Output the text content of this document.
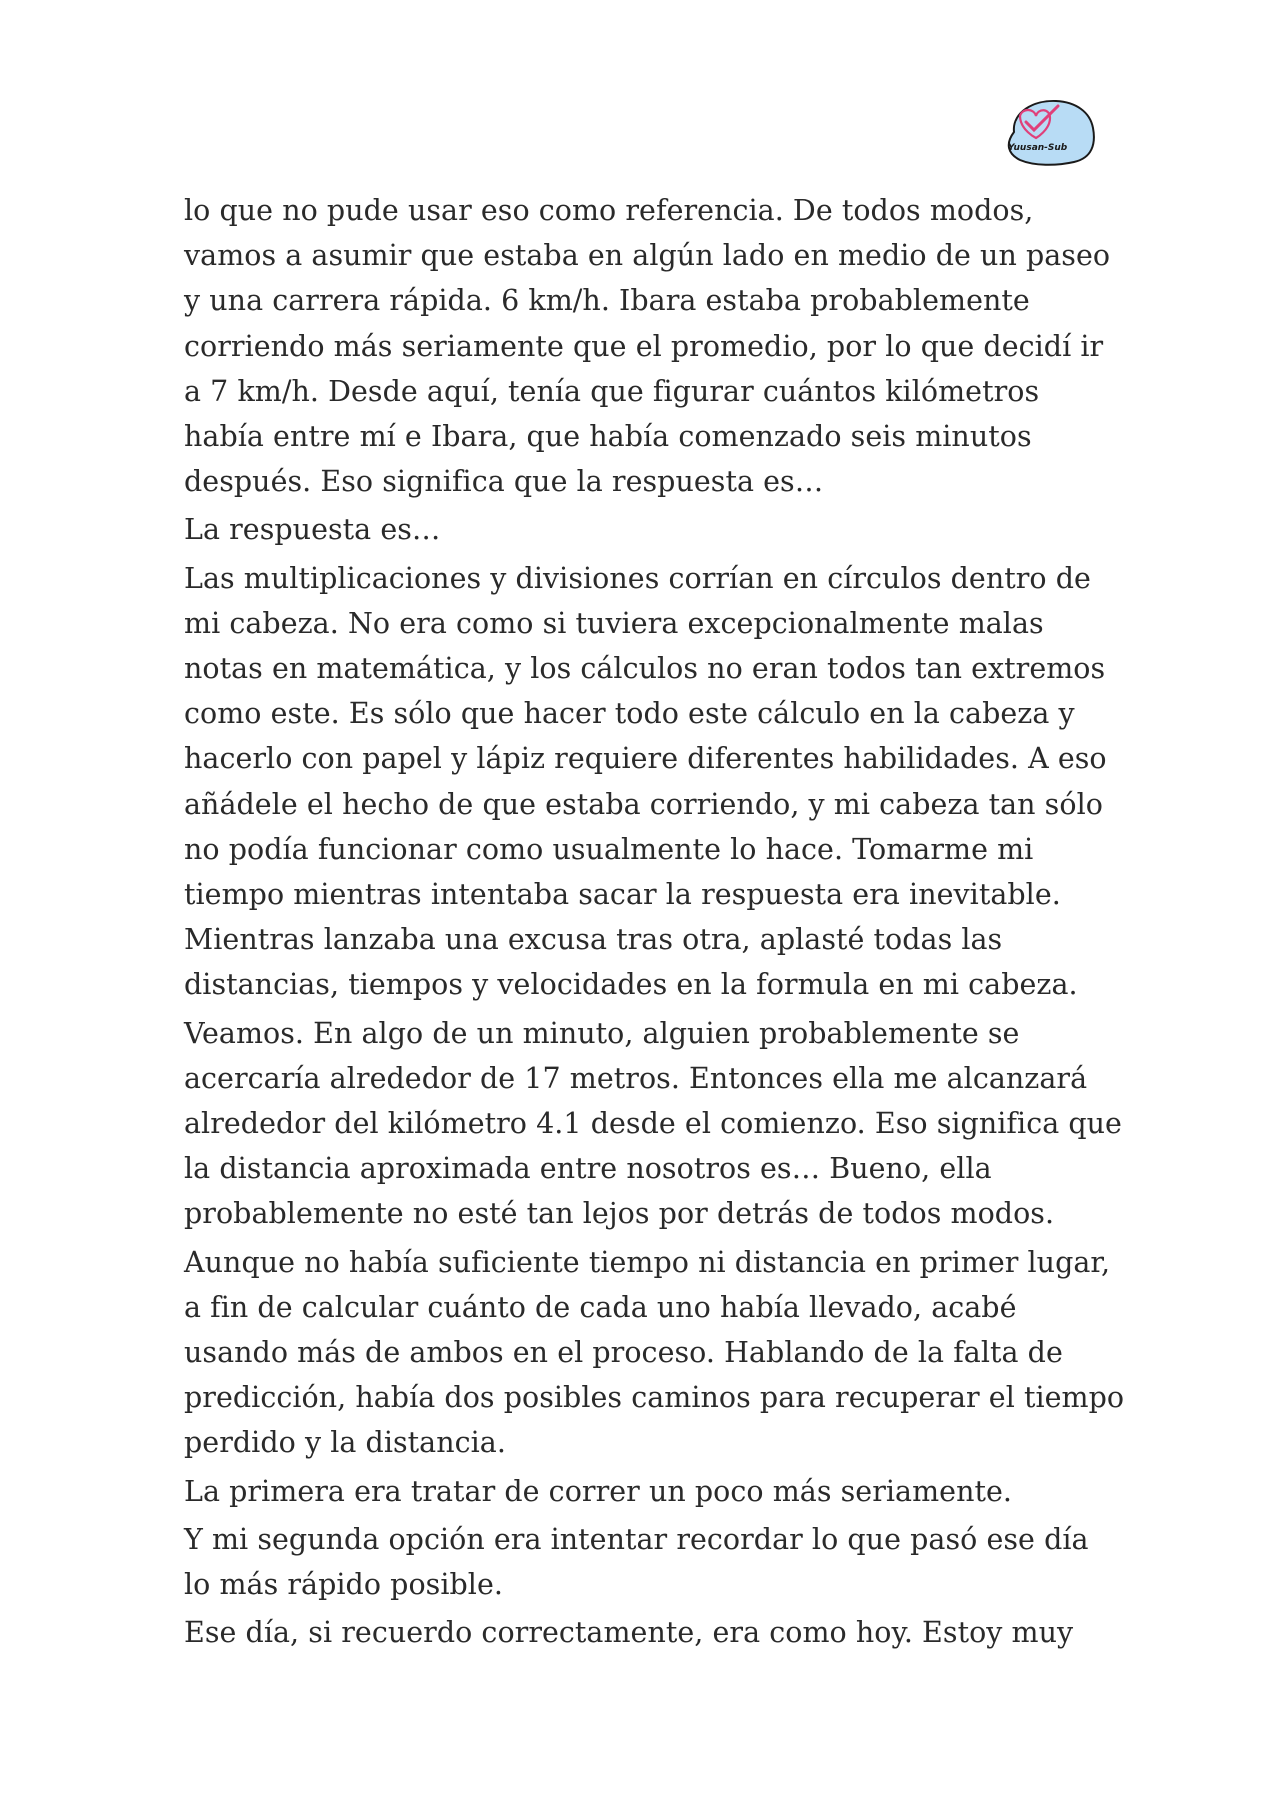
Yuusan-Sub
lo que no pude usar eso como referencia. De todos modos,
vamos a asumir que estaba en algún lado en medio de un paseo
y una carrera rápida. 6 km/h. Ibara estaba probablemente
corriendo más seriamente que el promedio, por lo que decidí ir
a 7 km/h. Desde aquí, tenía que figurar cuántos kilómetros
había entre mí e Ibara, que había comenzado seis minutos
después. Eso significa que la respuesta es…
La respuesta es…
Las multiplicaciones y divisiones corrían en círculos dentro de
mi cabeza. No era como si tuviera excepcionalmente malas
notas en matemática, y los cálculos no eran todos tan extremos
como este. Es sólo que hacer todo este cálculo en la cabeza y
hacerlo con papel y lápiz requiere diferentes habilidades. A eso
añádele el hecho de que estaba corriendo, y mi cabeza tan sólo
no podía funcionar como usualmente lo hace. Tomarme mi
tiempo mientras intentaba sacar la respuesta era inevitable.
Mientras lanzaba una excusa tras otra, aplasté todas las
distancias, tiempos y velocidades en la formula en mi cabeza.
Veamos. En algo de un minuto, alguien probablemente se
acercaría alrededor de 17 metros. Entonces ella me alcanzará
alrededor del kilómetro 4.1 desde el comienzo. Eso significa que
la distancia aproximada entre nosotros es… Bueno, ella
probablemente no esté tan lejos por detrás de todos modos.
Aunque no había suficiente tiempo ni distancia en primer lugar,
a fin de calcular cuánto de cada uno había llevado, acabé
usando más de ambos en el proceso. Hablando de la falta de
predicción, había dos posibles caminos para recuperar el tiempo
perdido y la distancia.
La primera era tratar de correr un poco más seriamente.
Y mi segunda opción era intentar recordar lo que pasó ese día
lo más rápido posible.
Ese día, si recuerdo correctamente, era como hoy. Estoy muy
